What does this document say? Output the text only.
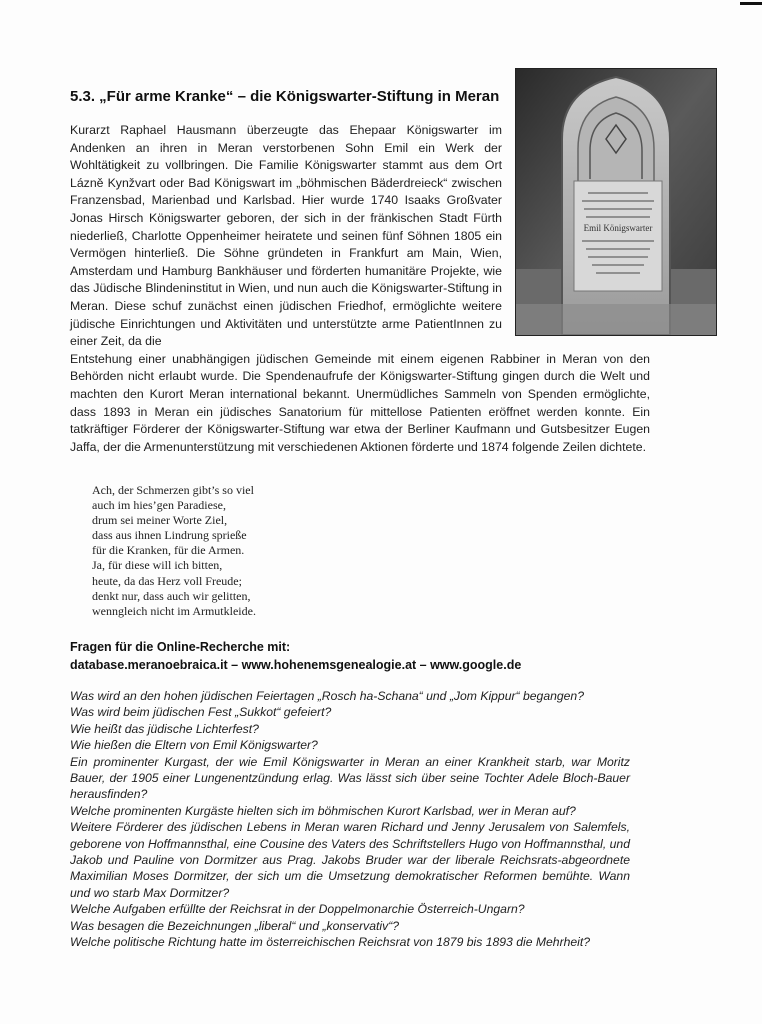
Emil Königswarter
5.3. „Für arme Kranke“ – die Königswarter-Stiftung in Meran
Kurarzt Raphael Hausmann überzeugte das Ehepaar Königswarter im Andenken an ihren in Meran verstorbenen Sohn Emil ein Werk der Wohltätigkeit zu vollbringen. Die Familie Königswarter stammt aus dem Ort Lázně Kynžvart oder Bad Königswart im „böhmischen Bäderdreieck“ zwischen Franzensbad, Marienbad und Karlsbad. Hier wurde 1740 Isaaks Großvater Jonas Hirsch Königswarter geboren, der sich in der fränkischen Stadt Fürth niederließ, Charlotte Oppenheimer heiratete und seinen fünf Söhnen 1805 ein Vermögen hinterließ. Die Söhne gründeten in Frankfurt am Main, Wien, Amsterdam und Hamburg Bankhäuser und förderten humanitäre Projekte, wie das Jüdische Blindeninstitut in Wien, und nun auch die Königswarter-Stiftung in Meran. Diese schuf zunächst einen jüdischen Friedhof, ermöglichte weitere jüdische Einrichtungen und Aktivitäten und unterstützte arme PatientInnen zu einer Zeit, da die
Entstehung einer unabhängigen jüdischen Gemeinde mit einem eigenen Rabbiner in Meran von den Behörden nicht erlaubt wurde. Die Spendenaufrufe der Königswarter-Stiftung gingen durch die Welt und machten den Kurort Meran international bekannt. Unermüdliches Sammeln von Spenden ermöglichte, dass 1893 in Meran ein jüdisches Sanatorium für mittellose Patienten eröffnet werden konnte. Ein tatkräftiger Förderer der Königswarter-Stiftung war etwa der Berliner Kaufmann und Gutsbesitzer Eugen Jaffa, der die Armenunterstützung mit verschiedenen Aktionen förderte und 1874 folgende Zeilen dichtete.
Ach, der Schmerzen gibt’s so viel
auch im hies’gen Paradiese,
drum sei meiner Worte Ziel,
dass aus ihnen Lindrung sprieße
für die Kranken, für die Armen.
Ja, für diese will ich bitten,
heute, da das Herz voll Freude;
denkt nur, dass auch wir gelitten,
wenngleich nicht im Armutkleide.
Fragen für die Online-Recherche mit:
database.meranoebraica.it – www.hohenemsgenealogie.at – www.google.de
Was wird an den hohen jüdischen Feiertagen „Rosch ha-Schana“ und „Jom Kippur“ begangen?
Was wird beim jüdischen Fest „Sukkot“ gefeiert?
Wie heißt das jüdische Lichterfest?
Wie hießen die Eltern von Emil Königswarter?
Ein prominenter Kurgast, der wie Emil Königswarter in Meran an einer Krankheit starb, war Moritz Bauer, der 1905 einer Lungenentzündung erlag. Was lässt sich über seine Tochter Adele Bloch-Bauer herausfinden?
Welche prominenten Kurgäste hielten sich im böhmischen Kurort Karlsbad, wer in Meran auf?
Weitere Förderer des jüdischen Lebens in Meran waren Richard und Jenny Jerusalem von Salemfels, geborene von Hoffmannsthal, eine Cousine des Vaters des Schriftstellers Hugo von Hoffmannsthal, und Jakob und Pauline von Dormitzer aus Prag. Jakobs Bruder war der liberale Reichsrats-abgeordnete Maximilian Moses Dormitzer, der sich um die Umsetzung demokratischer Reformen bemühte. Wann und wo starb Max Dormitzer?
Welche Aufgaben erfüllte der Reichsrat in der Doppelmonarchie Österreich-Ungarn?
Was besagen die Bezeichnungen „liberal“ und „konservativ“?
Welche politische Richtung hatte im österreichischen Reichsrat von 1879 bis 1893 die Mehrheit?
